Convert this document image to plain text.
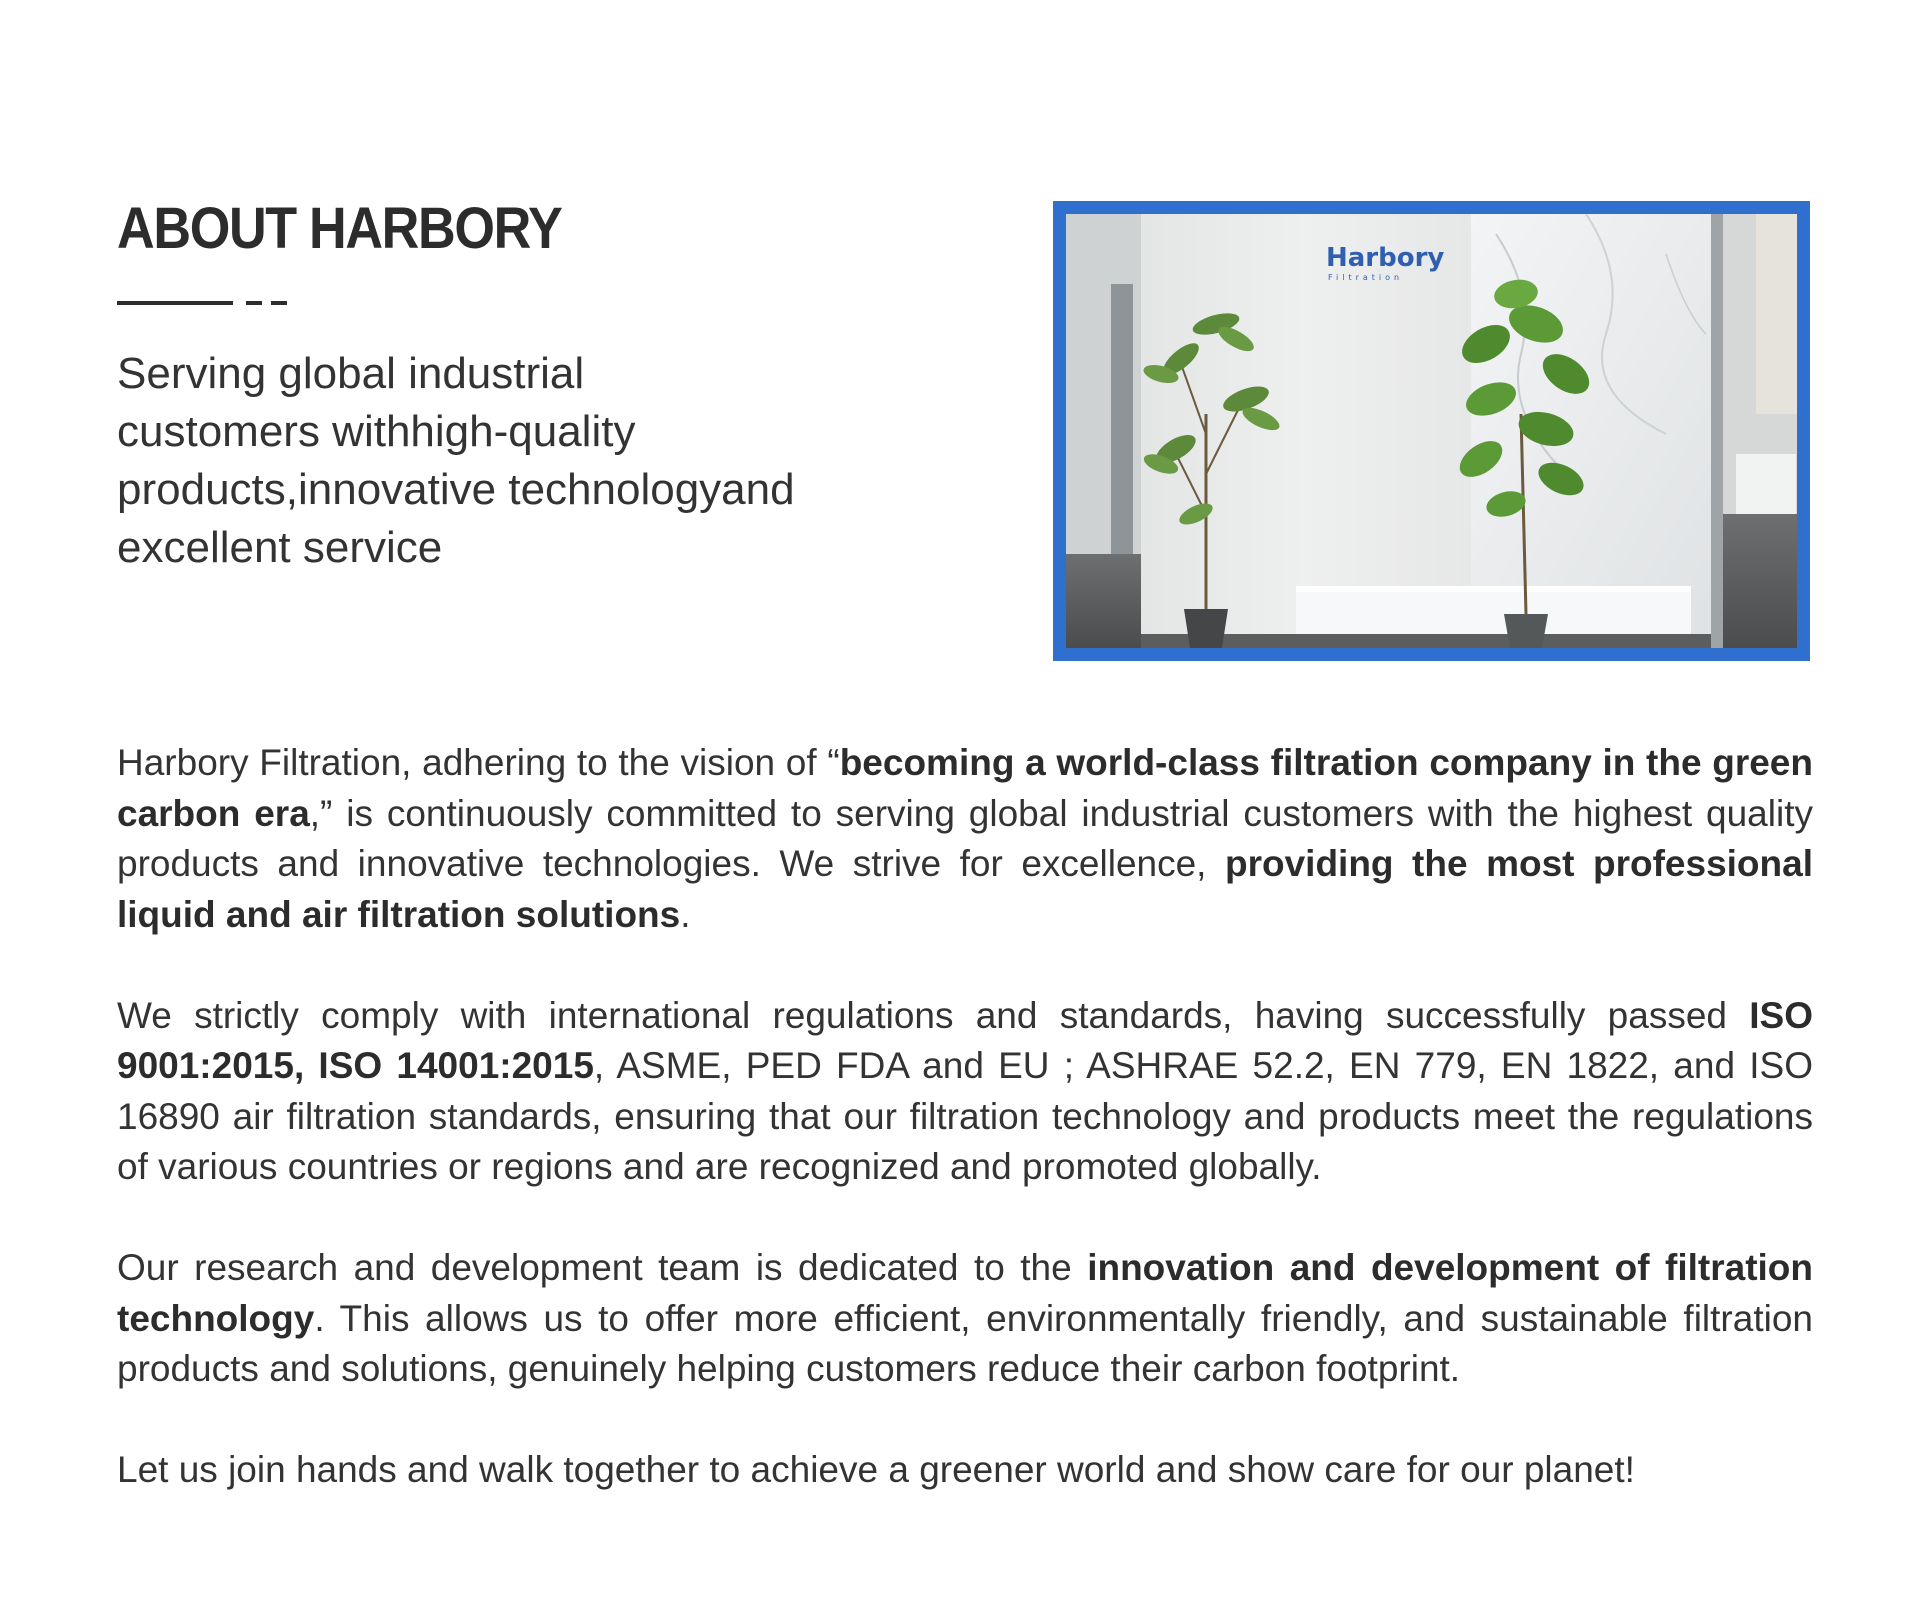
ABOUT HARBORY

Serving global industrial customers withhigh-quality products,innovative technologyand excellent service

Harbory
Filtration

Harbory Filtration, adhering to the vision of “becoming a world-class filtration company in the green carbon era,” is continuously committed to serving global industrial customers with the highest quality products and innovative technologies. We strive for excellence, providing the most professional liquid and air filtration solutions.

We strictly comply with international regulations and standards, having successfully passed ISO 9001:2015, ISO 14001:2015, ASME, PED FDA and EU ; ASHRAE 52.2, EN 779, EN 1822, and ISO 16890 air filtration standards, ensuring that our filtration technology and products meet the regulations of various countries or regions and are recognized and promoted globally.

Our research and development team is dedicated to the innovation and development of filtration technology. This allows us to offer more efficient, environmentally friendly, and sustainable filtration products and solutions, genuinely helping customers reduce their carbon footprint.

Let us join hands and walk together to achieve a greener world and show care for our planet!
